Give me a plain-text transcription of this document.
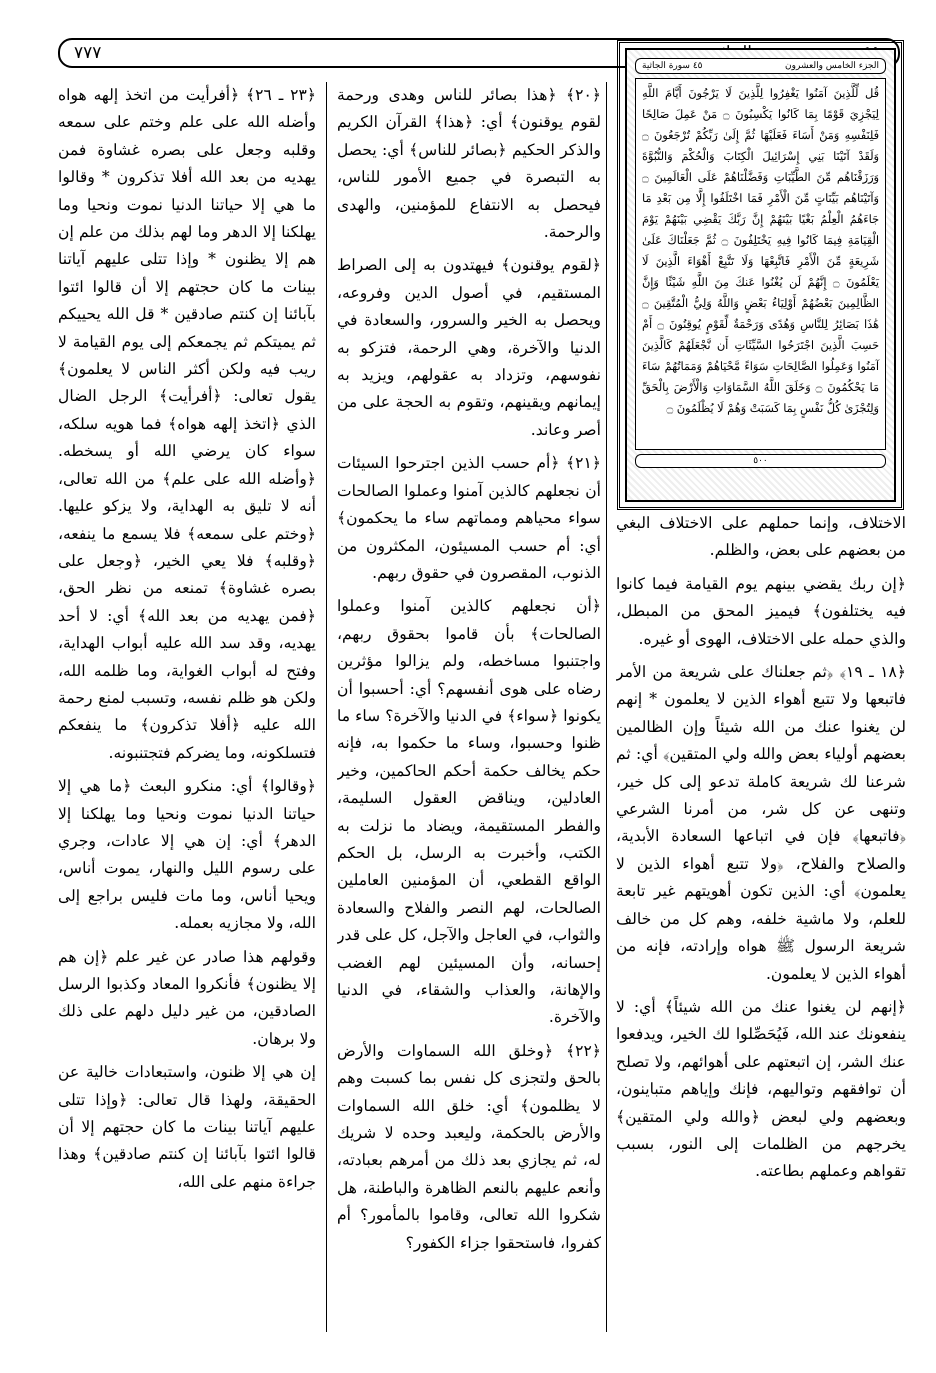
٧٧٧
الجزء الخامس والعشرون
٤٥ سورة الجاثية
قُل لِّلَّذِينَ آمَنُوا يَغْفِرُوا لِلَّذِينَ لَا يَرْجُونَ أَيَّامَ اللَّهِ لِيَجْزِيَ قَوْمًا بِمَا كَانُوا يَكْسِبُونَ ۝ مَنْ عَمِلَ صَالِحًا فَلِنَفْسِهِ وَمَنْ أَسَاءَ فَعَلَيْهَا ثُمَّ إِلَىٰ رَبِّكُمْ تُرْجَعُونَ ۝ وَلَقَدْ آتَيْنَا بَنِي إِسْرَائِيلَ الْكِتَابَ وَالْحُكْمَ وَالنُّبُوَّةَ وَرَزَقْنَاهُم مِّنَ الطَّيِّبَاتِ وَفَضَّلْنَاهُمْ عَلَى الْعَالَمِينَ ۝ وَآتَيْنَاهُم بَيِّنَاتٍ مِّنَ الْأَمْرِ فَمَا اخْتَلَفُوا إِلَّا مِن بَعْدِ مَا جَاءَهُمُ الْعِلْمُ بَغْيًا بَيْنَهُمْ إِنَّ رَبَّكَ يَقْضِي بَيْنَهُمْ يَوْمَ الْقِيَامَةِ فِيمَا كَانُوا فِيهِ يَخْتَلِفُونَ ۝ ثُمَّ جَعَلْنَاكَ عَلَىٰ شَرِيعَةٍ مِّنَ الْأَمْرِ فَاتَّبِعْهَا وَلَا تَتَّبِعْ أَهْوَاءَ الَّذِينَ لَا يَعْلَمُونَ ۝ إِنَّهُمْ لَن يُغْنُوا عَنكَ مِنَ اللَّهِ شَيْئًا وَإِنَّ الظَّالِمِينَ بَعْضُهُمْ أَوْلِيَاءُ بَعْضٍ وَاللَّهُ وَلِيُّ الْمُتَّقِينَ ۝ هَٰذَا بَصَائِرُ لِلنَّاسِ وَهُدًى وَرَحْمَةٌ لِّقَوْمٍ يُوقِنُونَ ۝ أَمْ حَسِبَ الَّذِينَ اجْتَرَحُوا السَّيِّئَاتِ أَن نَّجْعَلَهُمْ كَالَّذِينَ آمَنُوا وَعَمِلُوا الصَّالِحَاتِ سَوَاءً مَّحْيَاهُمْ وَمَمَاتُهُمْ سَاءَ مَا يَحْكُمُونَ ۝ وَخَلَقَ اللَّهُ السَّمَاوَاتِ وَالْأَرْضَ بِالْحَقِّ وَلِتُجْزَىٰ كُلُّ نَفْسٍ بِمَا كَسَبَتْ وَهُمْ لَا يُظْلَمُونَ ۝
٥٠٠

الاختلاف، وإنما حملهم على الاختلاف البغي من بعضهم على بعض، والظلم.

﴿إن ربك يقضي بينهم يوم القيامة فيما كانوا فيه يختلفون﴾ فيميز المحق من المبطل، والذي حمله على الاختلاف، الهوى أو غيره.

﴿١٨ ـ ١٩﴾ ﴿ثم جعلناك على شريعة من الأمر فاتبعها ولا تتبع أهواء الذين لا يعلمون * إنهم لن يغنوا عنك من الله شيئاً وإن الظالمين بعضهم أولياء بعض والله ولي المتقين﴾ أي: ثم شرعنا لك شريعة كاملة تدعو إلى كل خير، وتنهى عن كل شر، من أمرنا الشرعي ﴿فاتبعها﴾ فإن في اتباعها السعادة الأبدية، والصلاح والفلاح، ﴿ولا تتبع أهواء الذين لا يعلمون﴾ أي: الذين تكون أهويتهم غير تابعة للعلم، ولا ماشية خلفه، وهم كل من خالف شريعة الرسول ﷺ هواه وإرادته، فإنه من أهواء الذين لا يعلمون.

﴿إنهم لن يغنوا عنك من الله شيئاً﴾ أي: لا ينفعونك عند الله، فَيُحَصِّلوا لك الخير، ويدفعوا عنك الشر، إن اتبعتهم على أهوائهم، ولا تصلح أن توافقهم وتواليهم، فإنك وإياهم متباينون، وبعضهم ولي لبعض ﴿والله ولي المتقين﴾ يخرجهم من الظلمات إلى النور، بسبب تقواهم وعملهم بطاعته.

﴿٢٠﴾ ﴿هذا بصائر للناس وهدى ورحمة لقوم يوقنون﴾ أي: ﴿هذا﴾ القرآن الكريم والذكر الحكيم ﴿بصائر للناس﴾ أي: يحصل به التبصرة في جميع الأمور للناس، فيحصل به الانتفاع للمؤمنين، والهدى والرحمة.

﴿لقوم يوقنون﴾ فيهتدون به إلى الصراط المستقيم، في أصول الدين وفروعه، ويحصل به الخير والسرور، والسعادة في الدنيا والآخرة، وهي الرحمة، فتزكو به نفوسهم، وتزداد به عقولهم، ويزيد به إيمانهم ويقينهم، وتقوم به الحجة على من أصر وعاند.

﴿٢١﴾ ﴿أم حسب الذين اجترحوا السيئات أن نجعلهم كالذين آمنوا وعملوا الصالحات سواء محياهم ومماتهم ساء ما يحكمون﴾ أي: أم حسب المسيئون، المكثرون من الذنوب، المقصرون في حقوق ربهم.

﴿أن نجعلهم كالذين آمنوا وعملوا الصالحات﴾ بأن قاموا بحقوق ربهم، واجتنبوا مساخطه، ولم يزالوا مؤثرين رضاه على هوى أنفسهم؟ أي: أحسبوا أن يكونوا ﴿سواء﴾ في الدنيا والآخرة؟ ساء ما ظنوا وحسبوا، وساء ما حكموا به، فإنه حكم يخالف حكمة أحكم الحاكمين، وخير العادلين، ويناقض العقول السليمة، والفطر المستقيمة، ويضاد ما نزلت به الكتب، وأخبرت به الرسل، بل الحكم الواقع القطعي، أن المؤمنين العاملين الصالحات، لهم النصر والفلاح والسعادة والثواب، في العاجل والآجل، كل على قدر إحسانه، وأن المسيئين لهم الغضب والإهانة، والعذاب والشقاء، في الدنيا والآخرة.

﴿٢٢﴾ ﴿وخلق الله السماوات والأرض بالحق ولتجزى كل نفس بما كسبت وهم لا يظلمون﴾ أي: خلق الله السماوات والأرض بالحكمة، وليعبد وحده لا شريك له، ثم يجازي بعد ذلك من أمرهم بعبادته، وأنعم عليهم بالنعم الظاهرة والباطنة، هل شكروا الله تعالى، وقاموا بالمأمور؟ أم كفروا، فاستحقوا جزاء الكفور؟

﴿٢٣ ـ ٢٦﴾ ﴿أفرأيت من اتخذ إلهه هواه وأضله الله على علم وختم على سمعه وقلبه وجعل على بصره غشاوة فمن يهديه من بعد الله أفلا تذكرون * وقالوا ما هي إلا حياتنا الدنيا نموت ونحيا وما يهلكنا إلا الدهر وما لهم بذلك من علم إن هم إلا يظنون * وإذا تتلى عليهم آياتنا بينات ما كان حجتهم إلا أن قالوا ائتوا بآبائنا إن كنتم صادقين * قل الله يحييكم ثم يميتكم ثم يجمعكم إلى يوم القيامة لا ريب فيه ولكن أكثر الناس لا يعلمون﴾ يقول تعالى: ﴿أفرأيت﴾ الرجل الضال الذي ﴿اتخذ إلهه هواه﴾ فما هويه سلكه، سواء كان يرضي الله أو يسخطه. ﴿وأضله الله على علم﴾ من الله تعالى، أنه لا تليق به الهداية، ولا يزكو عليها. ﴿وختم على سمعه﴾ فلا يسمع ما ينفعه، ﴿وقلبه﴾ فلا يعي الخير، ﴿وجعل على بصره غشاوة﴾ تمنعه من نظر الحق، ﴿فمن يهديه من بعد الله﴾ أي: لا أحد يهديه، وقد سد الله عليه أبواب الهداية، وفتح له أبواب الغواية، وما ظلمه الله، ولكن هو ظلم نفسه، وتسبب لمنع رحمة الله عليه ﴿أفلا تذكرون﴾ ما ينفعكم فتسلكونه، وما يضركم فتجتنبونه.

﴿وقالوا﴾ أي: منكرو البعث ﴿ما هي إلا حياتنا الدنيا نموت ونحيا وما يهلكنا إلا الدهر﴾ أي: إن هي إلا عادات، وجري على رسوم الليل والنهار، يموت أناس، ويحيا أناس، وما مات فليس براجع إلى الله، ولا مجازيه بعمله.

وقولهم هذا صادر عن غير علم ﴿إن هم إلا يظنون﴾ فأنكروا المعاد وكذبوا الرسل الصادقين، من غير دليل دلهم على ذلك ولا برهان.

إن هي إلا ظنون، واستبعادات خالية عن الحقيقة، ولهذا قال تعالى: ﴿وإذا تتلى عليهم آياتنا بينات ما كان حجتهم إلا أن قالوا ائتوا بآبائنا إن كنتم صادقين﴾ وهذا جراءة منهم على الله،
